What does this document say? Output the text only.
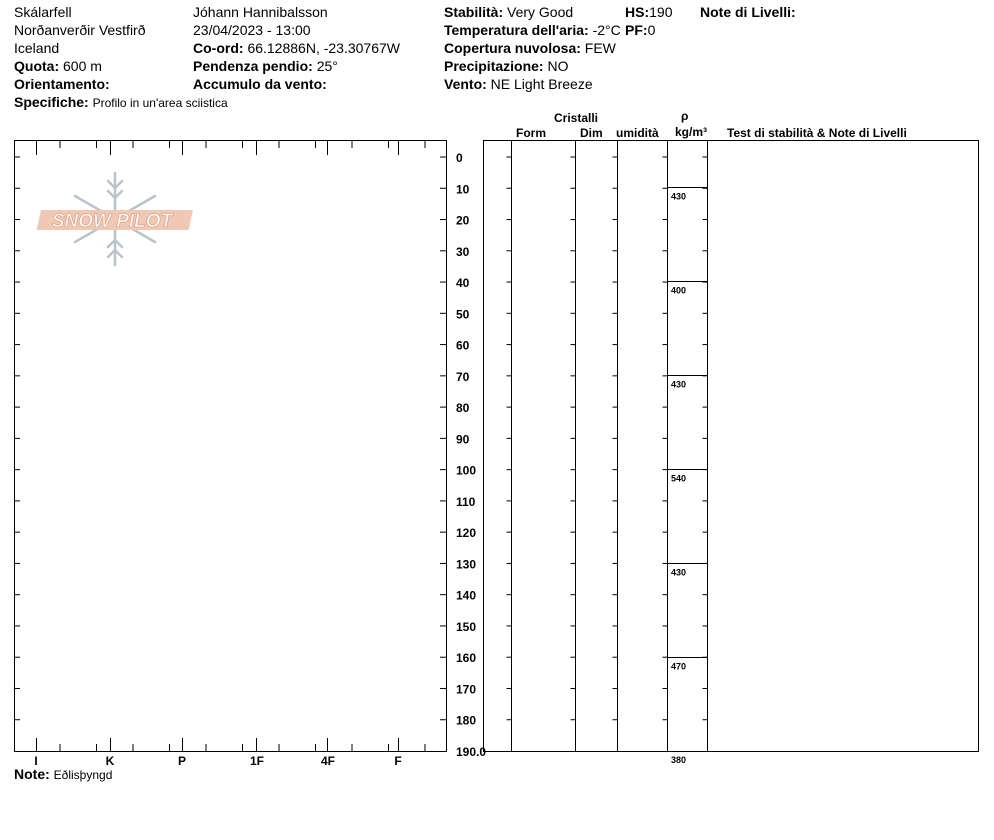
Skálarfell
Norðanverðir Vestfirð
Iceland
Quota: 600 m
Orientamento:
Specifiche: Profilo in un'area sciistica
Jóhann Hannibalsson
23/04/2023 - 13:00
Co-ord: 66.12886N, -23.30767W
Pendenza pendio: 25°
Accumulo da vento:
Stabilità: Very Good
Temperatura dell'aria: -2°C
Copertura nuvolosa: FEW
Precipitazione: NO
Vento: NE Light Breeze
HS:190
PF:0
Note di Livelli:
Cristalli
Form	Dim umidità
ρ
kg/m³ Test di stabilità & Note di Livelli
I	K	P	1F	4F	F
0
10
20
30
40
50
60
70
80
90
100
110
120
130
140
150
160
170
180
190.0
SNOW PILOT
430
400
430
540
430
470
380
Note: Eðlisþyngd
